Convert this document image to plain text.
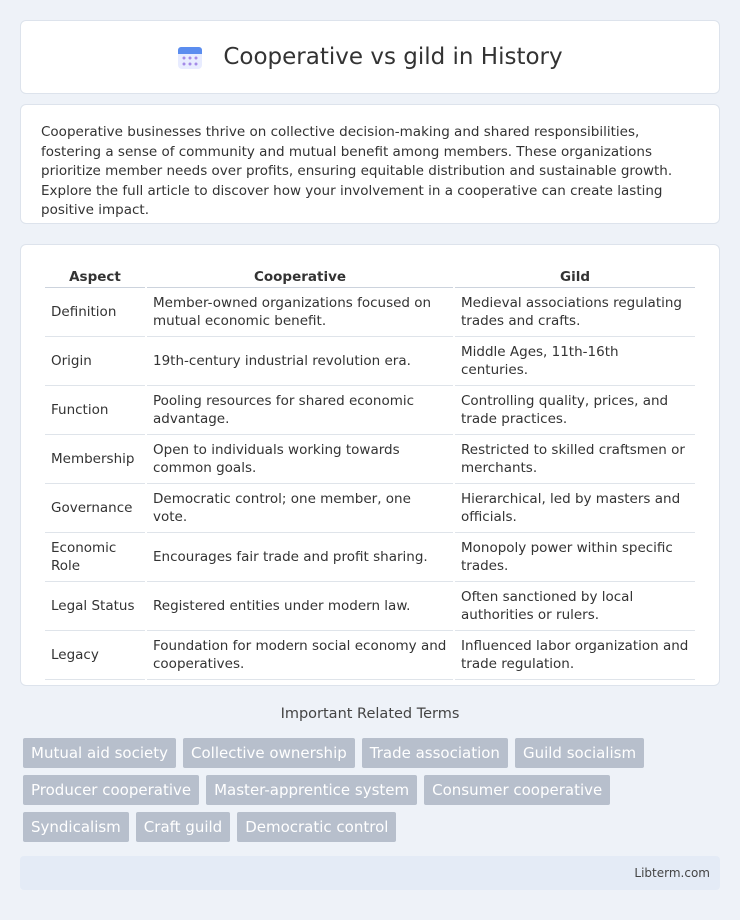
Cooperative vs gild in History

Cooperative businesses thrive on collective decision-making and shared responsibilities, fostering a sense of community and mutual benefit among members. These organizations prioritize member needs over profits, ensuring equitable distribution and sustainable growth. Explore the full article to discover how your involvement in a cooperative can create lasting positive impact.

Aspect	Cooperative	Gild
Definition	Member-owned organizations focused on mutual economic benefit.	Medieval associations regulating trades and crafts.
Origin	19th-century industrial revolution era.	Middle Ages, 11th-16th centuries.
Function	Pooling resources for shared economic advantage.	Controlling quality, prices, and trade practices.
Membership	Open to individuals working towards common goals.	Restricted to skilled craftsmen or merchants.
Governance	Democratic control; one member, one vote.	Hierarchical, led by masters and officials.
Economic Role	Encourages fair trade and profit sharing.	Monopoly power within specific trades.
Legal Status	Registered entities under modern law.	Often sanctioned by local authorities or rulers.
Legacy	Foundation for modern social economy and cooperatives.	Influenced labor organization and trade regulation.
Important Related Terms
Mutual aid society	Collective ownership	Trade association	Guild socialism
Producer cooperative	Master-apprentice system	Consumer cooperative
Syndicalism	Craft guild	Democratic control
Libterm.com
